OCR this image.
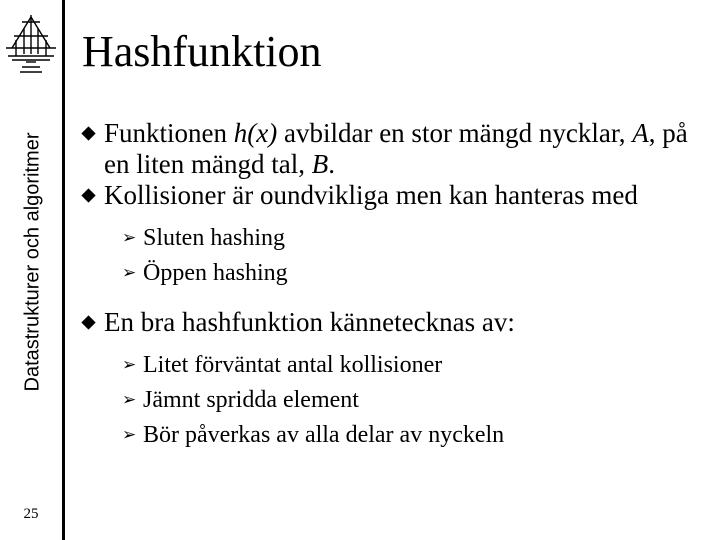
Datastrukturer och algoritmer
25
Hashfunktion
Funktionen h(x) avbildar en stor mängd nycklar, A, på en liten mängd tal, B.
Kollisioner är oundvikliga men kan hanteras med
➢ Sluten hashing
➢ Öppen hashing
En bra hashfunktion kännetecknas av:
➢ Litet förväntat antal kollisioner
➢ Jämnt spridda element
➢ Bör påverkas av alla delar av nyckeln
